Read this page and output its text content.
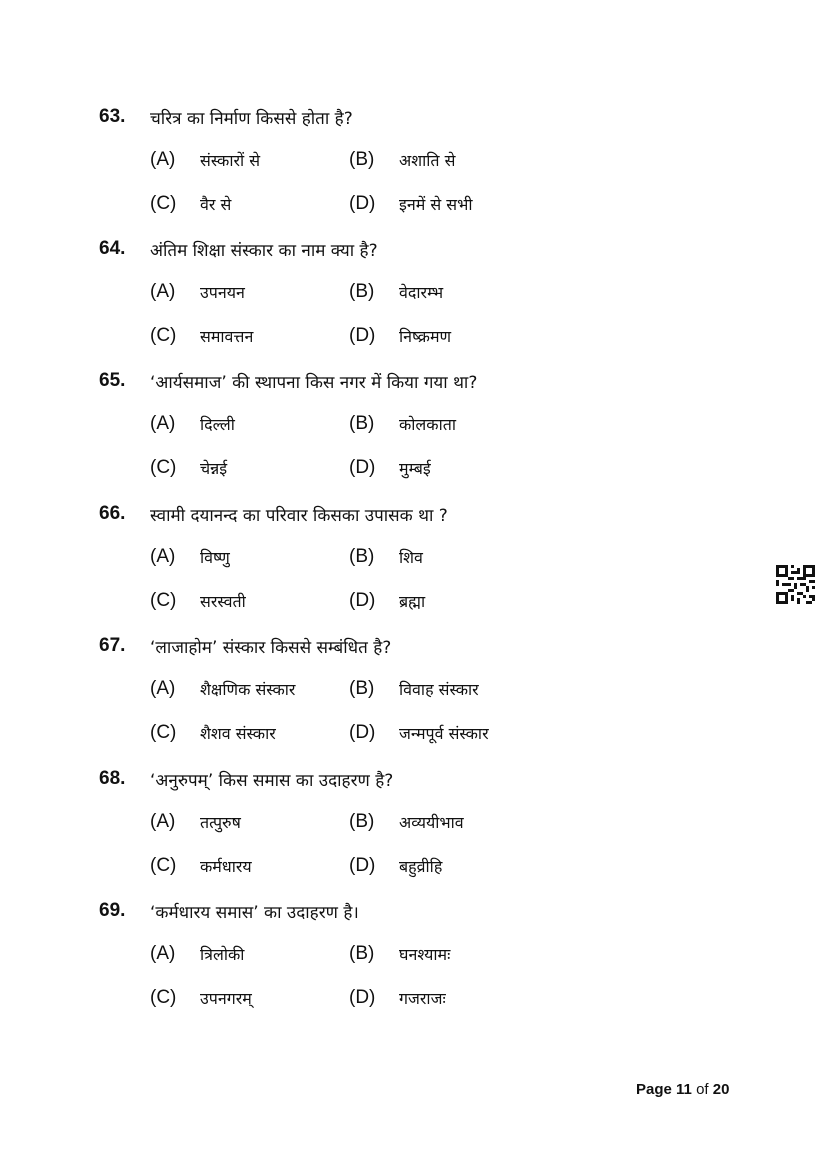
63. चरित्र का निर्माण किससे होता है?
(A) संस्कारों से	(B) अशाति से
(C) वैर से	(D) इनमें से सभी
64. अंतिम शिक्षा संस्कार का नाम क्या है?
(A) उपनयन	(B) वेदारम्भ
(C) समावत्तन	(D) निष्क्रमण
65. ‘आर्यसमाज’ की स्थापना किस नगर में किया गया था?
(A) दिल्ली	(B) कोलकाता
(C) चेन्नई	(D) मुम्बई
66. स्वामी दयानन्द का परिवार किसका उपासक था ?
(A) विष्णु	(B) शिव
(C) सरस्वती	(D) ब्रह्मा
67. ‘लाजाहोम’ संस्कार किससे सम्बंधित है?
(A) शैक्षणिक संस्कार	(B) विवाह संस्कार
(C) शैशव संस्कार	(D) जन्मपूर्व संस्कार
68. ‘अनुरुपम्’ किस समास का उदाहरण है?
(A) तत्पुरुष	(B) अव्ययीभाव
(C) कर्मधारय	(D) बहुव्रीहि
69. ‘कर्मधारय समास’ का उदाहरण है।
(A) त्रिलोकी	(B) घनश्यामः
(C) उपनगरम्	(D) गजराजः
Page 11 of 20
